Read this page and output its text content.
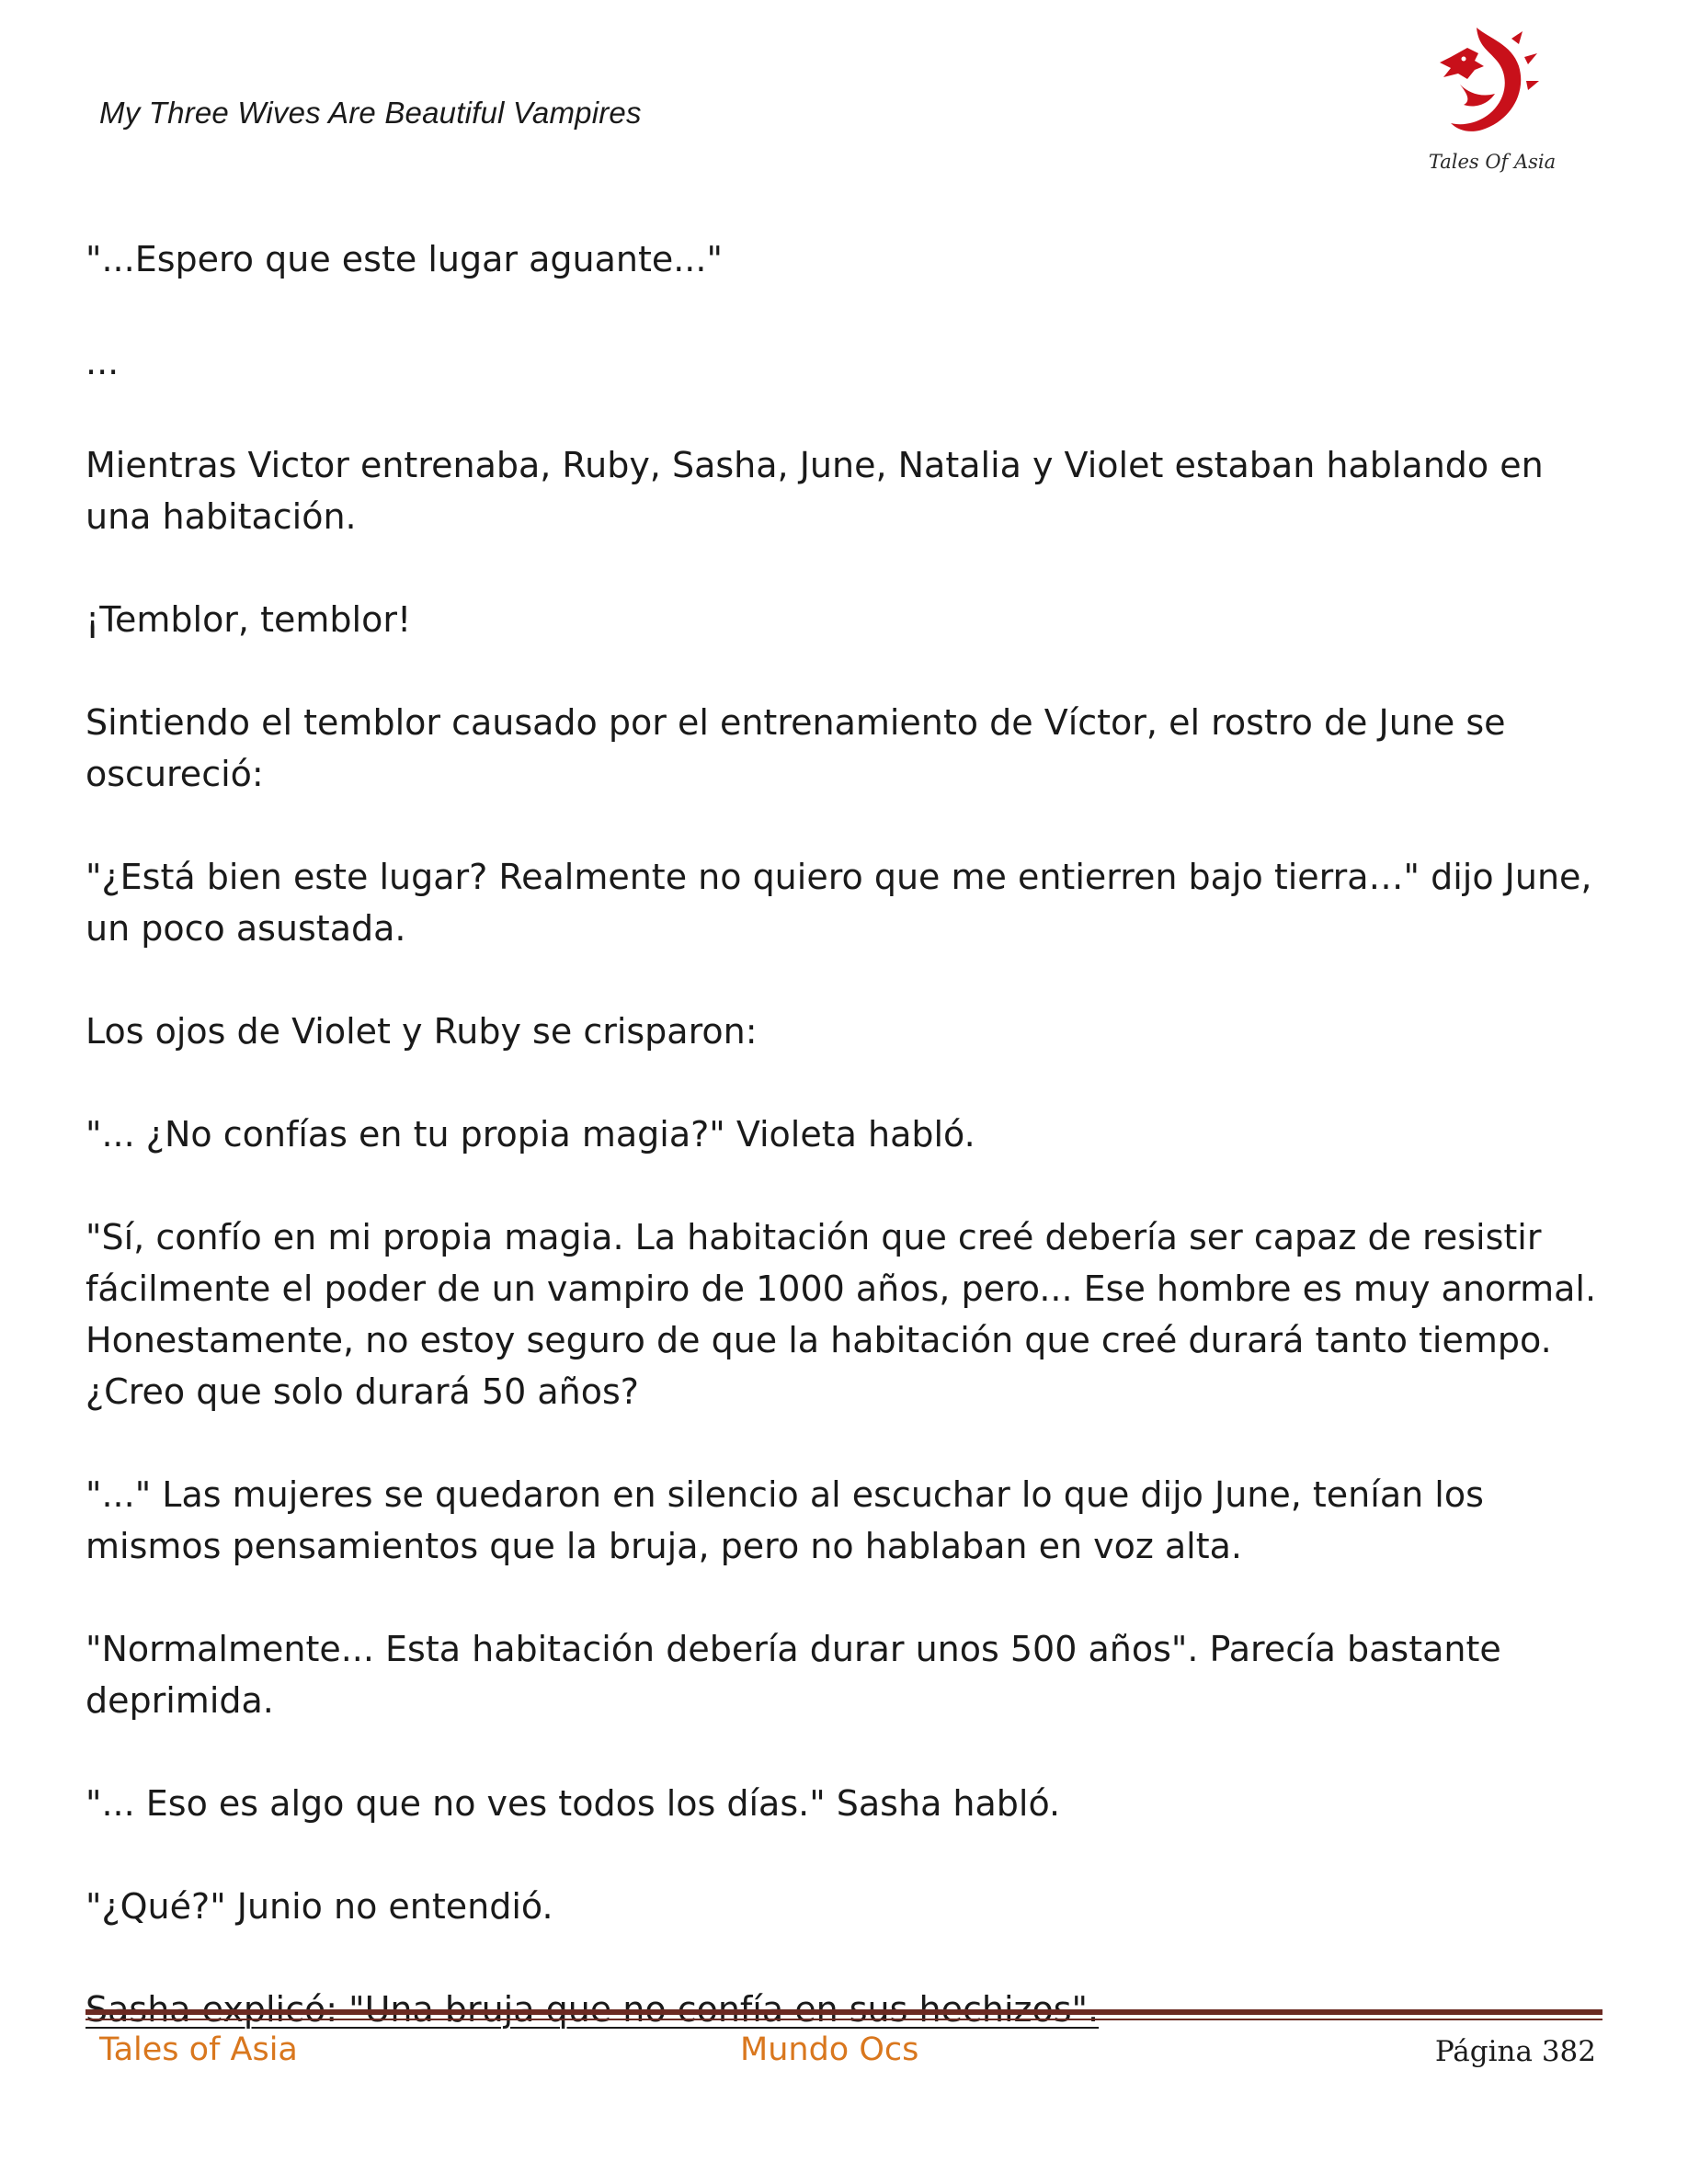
My Three Wives Are Beautiful Vampires
Tales Of Asia

"...Espero que este lugar aguante..."

...

Mientras Victor entrenaba, Ruby, Sasha, June, Natalia y Violet estaban hablando en una habitación.

¡Temblor, temblor!

Sintiendo el temblor causado por el entrenamiento de Víctor, el rostro de June se oscureció:

"¿Está bien este lugar? Realmente no quiero que me entierren bajo tierra…" dijo June, un poco asustada.

Los ojos de Violet y Ruby se crisparon:

"... ¿No confías en tu propia magia?" Violeta habló.

"Sí, confío en mi propia magia. La habitación que creé debería ser capaz de resistir fácilmente el poder de un vampiro de 1000 años, pero... Ese hombre es muy anormal. Honestamente, no estoy seguro de que la habitación que creé durará tanto tiempo. ¿Creo que solo durará 50 años?

"..." Las mujeres se quedaron en silencio al escuchar lo que dijo June, tenían los mismos pensamientos que la bruja, pero no hablaban en voz alta.

"Normalmente... Esta habitación debería durar unos 500 años". Parecía bastante deprimida.

"... Eso es algo que no ves todos los días." Sasha habló.

"¿Qué?" Junio no entendió.

Tales of Asia	Mundo Ocs	Página 382
